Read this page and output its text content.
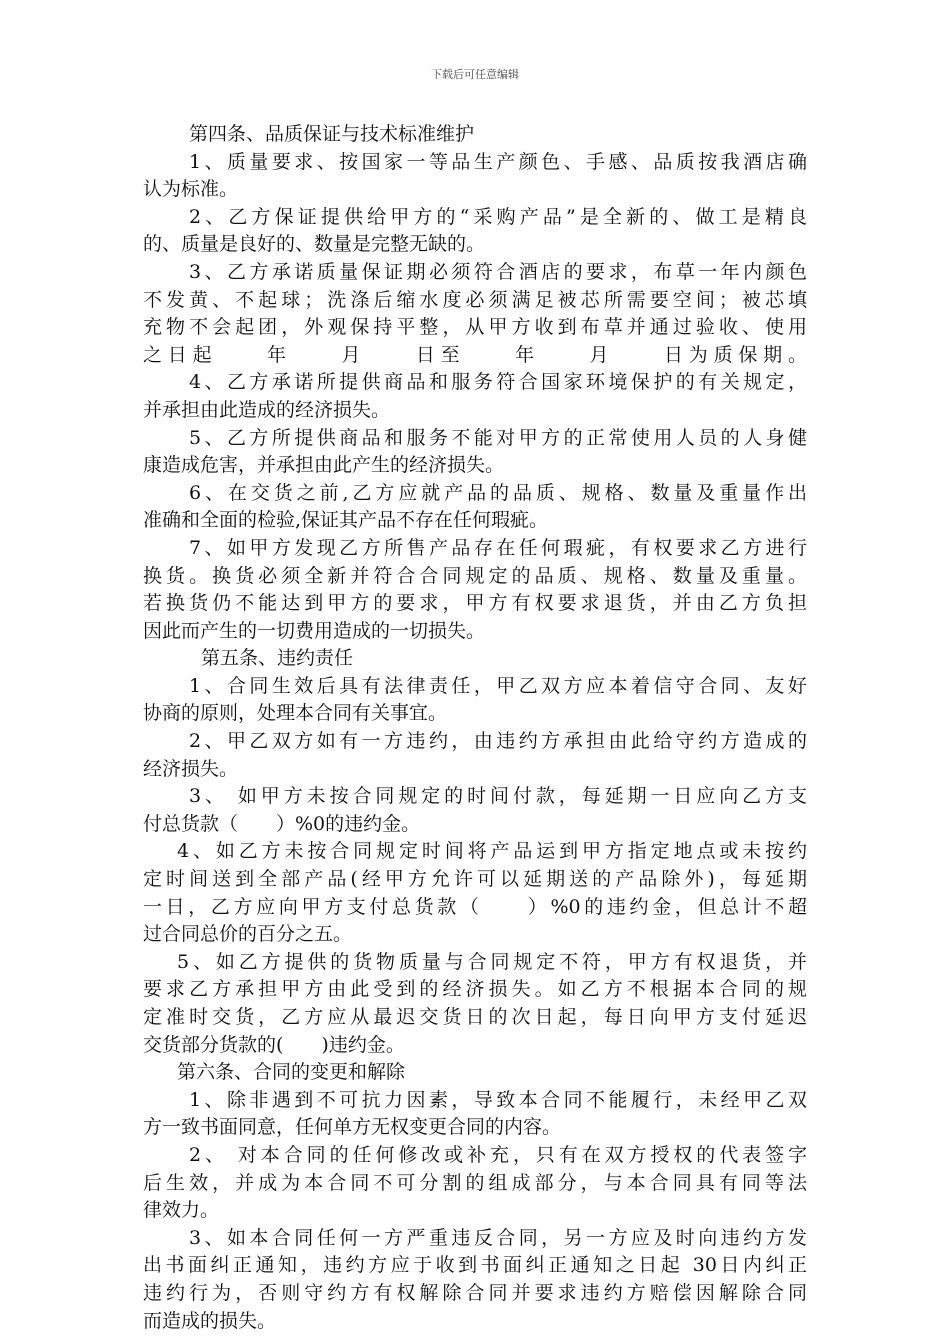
下载后可任意编辑
第四条、品质保证与技术标准维护
1、质量要求、按国家一等品生产颜色、手感、品质按我酒店确
认为标准。
2、乙方保证提供给甲方的“采购产品”是全新的、做工是精良
的、质量是良好的、数量是完整无缺的。
3、乙方承诺质量保证期必须符合酒店的要求，布草一年内颜色
不发黄、不起球；洗涤后缩水度必须满足被芯所需要空间；被芯填
充物不会起团，外观保持平整，从甲方收到布草并通过验收、使用
之日起　　年　　月　　日至　　年　　月　　日为质保期。
4、乙方承诺所提供商品和服务符合国家环境保护的有关规定，
并承担由此造成的经济损失。
5、乙方所提供商品和服务不能对甲方的正常使用人员的人身健
康造成危害，并承担由此产生的经济损失。
6、在交货之前,乙方应就产品的品质、规格、数量及重量作出
准确和全面的检验,保证其产品不存在任何瑕疵。
7、如甲方发现乙方所售产品存在任何瑕疵，有权要求乙方进行
换货。换货必须全新并符合合同规定的品质、规格、数量及重量。
若换货仍不能达到甲方的要求，甲方有权要求退货，并由乙方负担
因此而产生的一切费用造成的一切损失。
第五条、违约责任
1、合同生效后具有法律责任，甲乙双方应本着信守合同、友好
协商的原则，处理本合同有关事宜。
2、甲乙双方如有一方违约，由违约方承担由此给守约方造成的
经济损失。
3、 如甲方未按合同规定的时间付款，每延期一日应向乙方支
付总货款（　　）%0的违约金。
4、如乙方未按合同规定时间将产品运到甲方指定地点或未按约
定时间送到全部产品(经甲方允许可以延期送的产品除外)，每延期
一日，乙方应向甲方支付总货款（　　）%0的违约金，但总计不超
过合同总价的百分之五。
5、如乙方提供的货物质量与合同规定不符，甲方有权退货，并
要求乙方承担甲方由此受到的经济损失。如乙方不根据本合同的规
定准时交货，乙方应从最迟交货日的次日起，每日向甲方支付延迟
交货部分货款的(　　)违约金。
第六条、合同的变更和解除
1、除非遇到不可抗力因素，导致本合同不能履行，未经甲乙双
方一致书面同意，任何单方无权变更合同的内容。
2、 对本合同的任何修改或补充，只有在双方授权的代表签字
后生效，并成为本合同不可分割的组成部分，与本合同具有同等法
律效力。
3、如本合同任何一方严重违反合同，另一方应及时向违约方发
出书面纠正通知，违约方应于收到书面纠正通知之日起 30日内纠正
违约行为，否则守约方有权解除合同并要求违约方赔偿因解除合同
而造成的损失。
